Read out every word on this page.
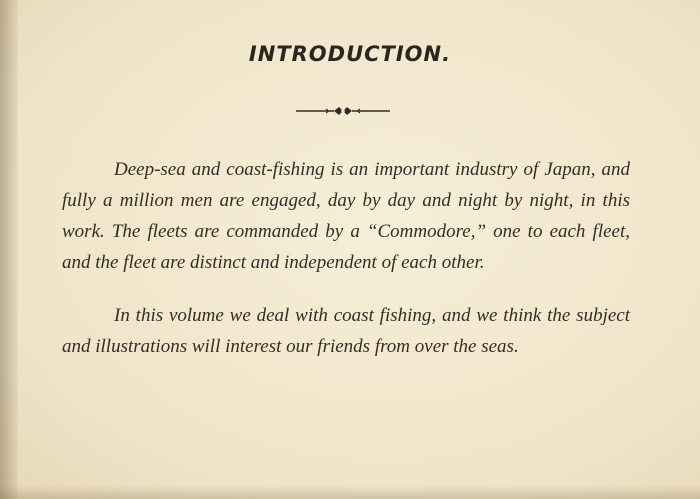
INTRODUCTION.

Deep-sea and coast-fishing is an important industry of Japan, and fully a million men are engaged, day by day and night by night, in this work. The fleets are commanded by a “Commodore,” one to each fleet, and the fleet are distinct and independent of each other.

In this volume we deal with coast fishing, and we think the subject and illustrations will interest our friends from over the seas.
